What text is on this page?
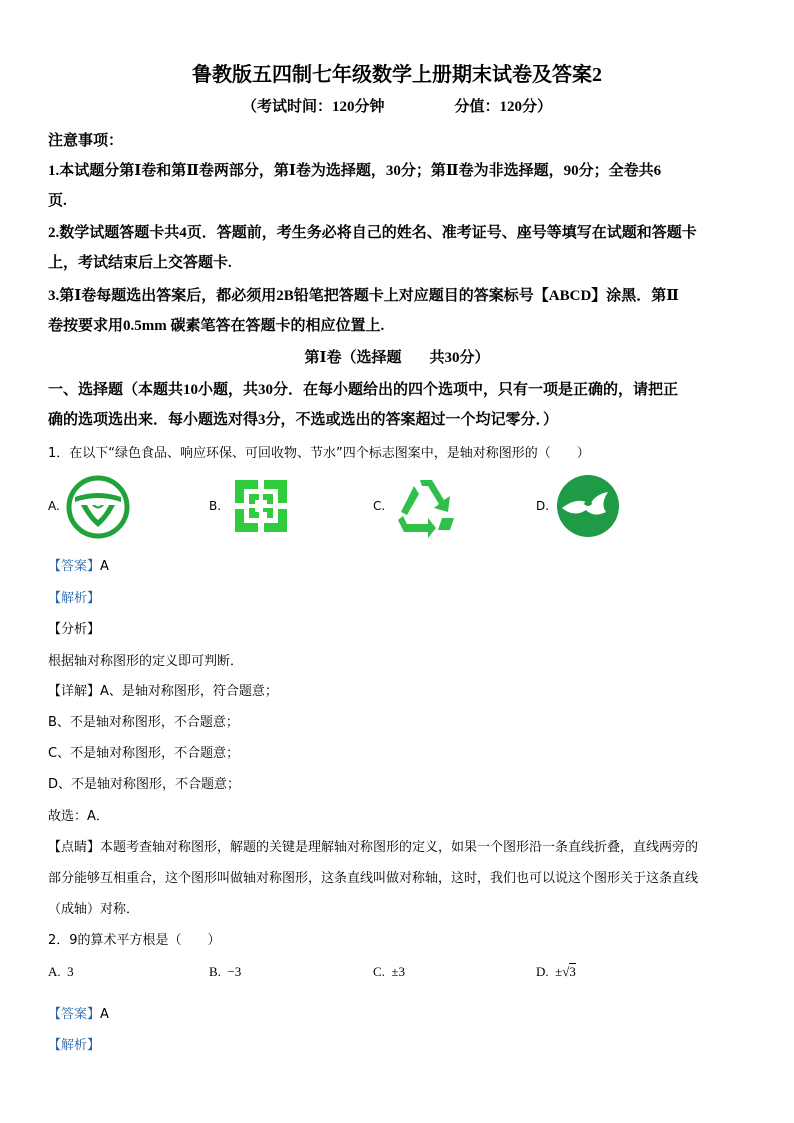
鲁教版五四制七年级数学上册期末试卷及答案2
（考试时间：120分钟	分值：120分）
注意事项：
1.本试题分第Ⅰ卷和第Ⅱ卷两部分，第Ⅰ卷为选择题，30分；第Ⅱ卷为非选择题，90分；全卷共6
页.
2.数学试题答题卡共4页．答题前，考生务必将自己的姓名、准考证号、座号等填写在试题和答题卡
上，考试结束后上交答题卡.
3.第Ⅰ卷每题选出答案后，都必须用2B铅笔把答题卡上对应题目的答案标号【ABCD】涂黑．第Ⅱ
卷按要求用0.5mm 碳素笔答在答题卡的相应位置上.
第Ⅰ卷（选择题 共30分）
一、选择题（本题共10小题，共30分．在每小题给出的四个选项中，只有一项是正确的，请把正
确的选项选出来．每小题选对得3分，不选或选出的答案超过一个均记零分．）
1．在以下“绿色食品、响应环保、可回收物、节水”四个标志图案中，是轴对称图形的（　　）
A.	B.	C.	D.
【答案】A
【解析】
【分析】
根据轴对称图形的定义即可判断．
【详解】A、是轴对称图形，符合题意；
B、不是轴对称图形，不合题意；
C、不是轴对称图形，不合题意；
D、不是轴对称图形，不合题意；
故选：A．
【点睛】本题考查轴对称图形，解题的关键是理解轴对称图形的定义，如果一个图形沿一条直线折叠，直线两旁的
部分能够互相重合，这个图形叫做轴对称图形，这条直线叫做对称轴，这时，我们也可以说这个图形关于这条直线
（成轴）对称．
2．9的算术平方根是（　　）
A. 3	B. −3	C. ±3	D. ±√3
【答案】A
【解析】
